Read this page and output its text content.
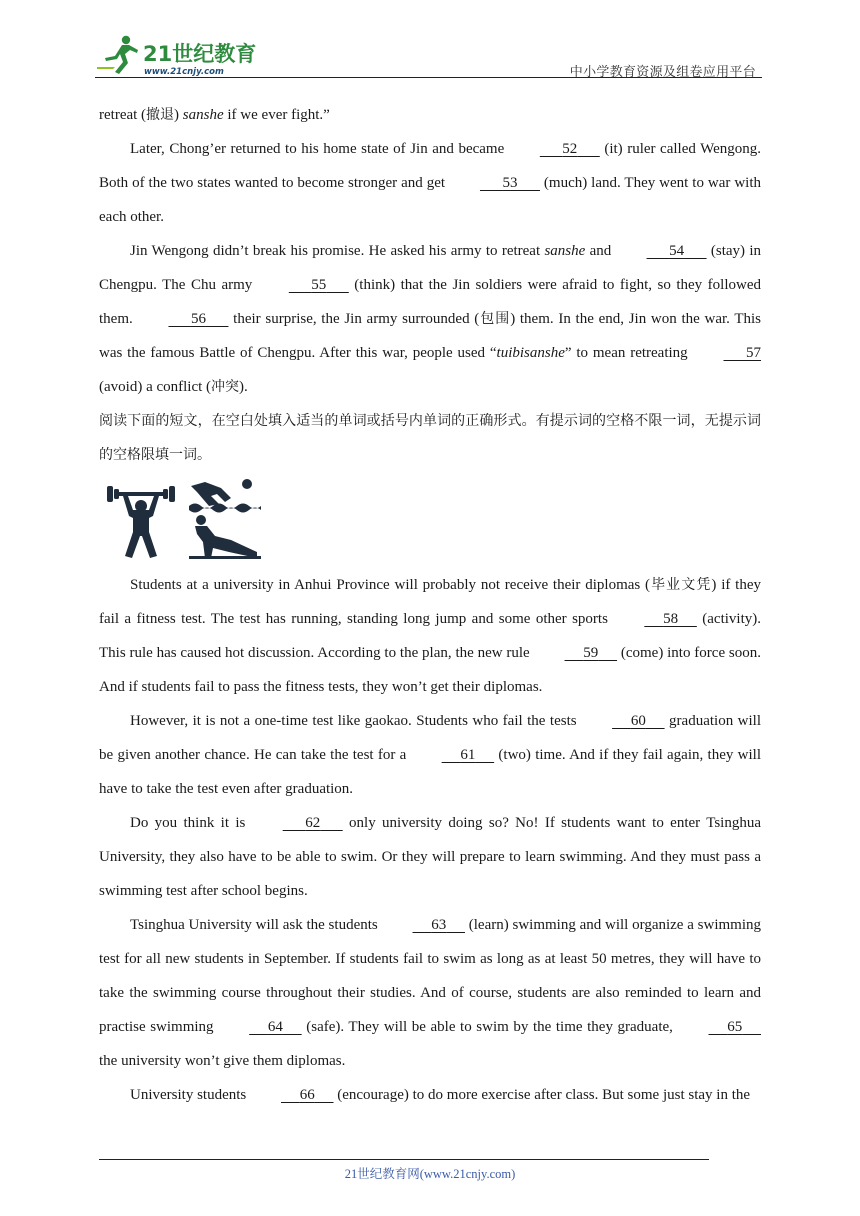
21世纪教育
www.21cnjy.com	中小学教育资源及组卷应用平台

retreat (撤退) sanshe if we ever fight.”

Later, Chong’er returned to his home state of Jin and became	52       (it) ruler called Wengong. Both of the two states wanted to become stronger and get	53       (much) land. They went to war with each other.

Jin Wengong didn’t break his promise. He asked his army to retreat sanshe and	54       (stay) in Chengpu. The Chu army	55       (think) that the Jin soldiers were afraid to fight, so they followed them.	56       their surprise, the Jin army surrounded (包围) them. In the end, Jin won the war. This was the famous Battle of Chengpu. After this war, people used “tuibisanshe” to mean retreating	57 (avoid) a conflict (冲突).

阅读下面的短文，在空白处填入适当的单词或括号内单词的正确形式。有提示词的空格不限一词，无提示词的空格限填一词。

Students at a university in Anhui Province will probably not receive their diplomas (毕业文凭) if they fail a fitness test. The test has running, standing long jump and some other sports	58      (activity). This rule has caused hot discussion. According to the plan, the new rule	59      (come) into force soon. And if students fail to pass the fitness tests, they won’t get their diplomas.

However, it is not a one-time test like gaokao. Students who fail the tests	60      graduation will be given another chance. He can take the test for a	61      (two) time. And if they fail again, they will have to take the test even after graduation.

Do you think it is	62       only university doing so? No! If students want to enter Tsinghua University, they also have to be able to swim. Or they will prepare to learn swimming. And they must pass a swimming test after school begins.

Tsinghua University will ask the students	63      (learn) swimming and will organize a swimming test for all new students in September. If students fail to swim as long as at least 50 metres, they will have to take the swimming course throughout their studies. And of course, students are also reminded to learn and practise swimming	64      (safe). They will be able to swim by the time they graduate,	65      the university won’t give them diplomas.

University students	66      (encourage) to do more exercise after class. But some just stay in the

21世纪教育网(www.21cnjy.com)
